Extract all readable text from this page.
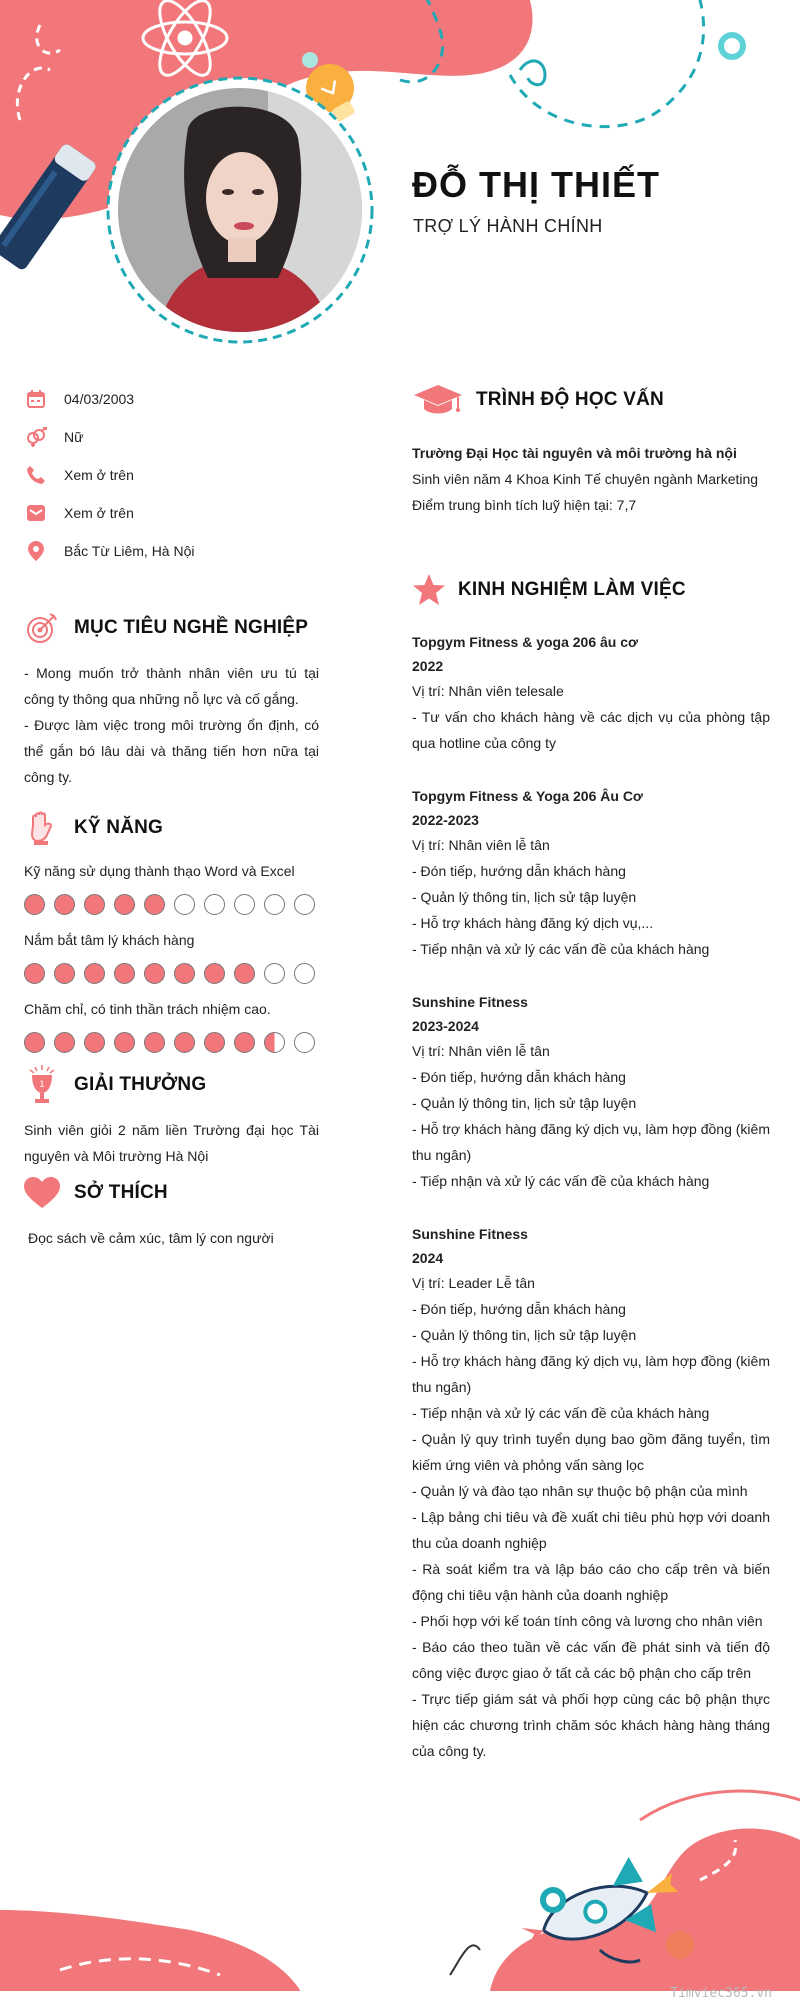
ĐỖ THỊ THIẾT
TRỢ LÝ HÀNH CHÍNH
04/03/2003
Nữ
Xem ở trên
Xem ở trên
Bắc Từ Liêm, Hà Nội
MỤC TIÊU NGHỀ NGHIỆP
- Mong muốn trở thành nhân viên ưu tú tại công ty thông qua những nỗ lực và cố gắng.
- Được làm việc trong môi trường ổn định, có thể gắn bó lâu dài và thăng tiến hơn nữa tại công ty.
KỸ NĂNG
Kỹ năng sử dụng thành thạo Word và Excel
Nắm bắt tâm lý khách hàng
Chăm chỉ, có tinh thần trách nhiệm cao.
1 GIẢI THƯỞNG
Sinh viên giỏi 2 năm liền Trường đại học Tài nguyên và Môi trường Hà Nội
SỞ THÍCH
Đọc sách về cảm xúc, tâm lý con người
TRÌNH ĐỘ HỌC VẤN
Trường Đại Học tài nguyên và môi trường hà nội
Sinh viên năm 4 Khoa Kinh Tế chuyên ngành Marketing
Điểm trung bình tích luỹ hiện tại: 7,7
KINH NGHIỆM LÀM VIỆC
Topgym Fitness & yoga 206 âu cơ
2022
Vị trí: Nhân viên telesale
- Tư vấn cho khách hàng về các dịch vụ của phòng tập qua hotline của công ty
Topgym Fitness & Yoga 206 Âu Cơ
2022-2023
Vị trí: Nhân viên lễ tân
- Đón tiếp, hướng dẫn khách hàng
- Quản lý thông tin, lịch sử tập luyện
- Hỗ trợ khách hàng đăng ký dịch vụ,...
- Tiếp nhận và xử lý các vấn đề của khách hàng
Sunshine Fitness
2023-2024
Vị trí: Nhân viên lễ tân
- Đón tiếp, hướng dẫn khách hàng
- Quản lý thông tin, lịch sử tập luyện
- Hỗ trợ khách hàng đăng ký dịch vụ, làm hợp đồng (kiêm thu ngân)
- Tiếp nhận và xử lý các vấn đề của khách hàng
Sunshine Fitness
2024
Vị trí: Leader Lễ tân
- Đón tiếp, hướng dẫn khách hàng
- Quản lý thông tin, lịch sử tập luyện
- Hỗ trợ khách hàng đăng ký dịch vụ, làm hợp đồng (kiêm thu ngân)
- Tiếp nhận và xử lý các vấn đề của khách hàng
- Quản lý quy trình tuyển dụng bao gồm đăng tuyển, tìm kiếm ứng viên và phỏng vấn sàng lọc
- Quản lý và đào tạo nhân sự thuộc bộ phận của mình
- Lập bảng chi tiêu và đề xuất chi tiêu phù hợp với doanh thu của doanh nghiệp
- Rà soát kiểm tra và lập báo cáo cho cấp trên và biến động chi tiêu vận hành của doanh nghiệp
- Phối hợp với kế toán tính công và lương cho nhân viên
- Báo cáo theo tuần về các vấn đề phát sinh và tiến độ công việc được giao ở tất cả các bộ phận cho cấp trên
- Trực tiếp giám sát và phối hợp cùng các bộ phận thực hiện các chương trình chăm sóc khách hàng hàng tháng của công ty.
Timviec365.vn
